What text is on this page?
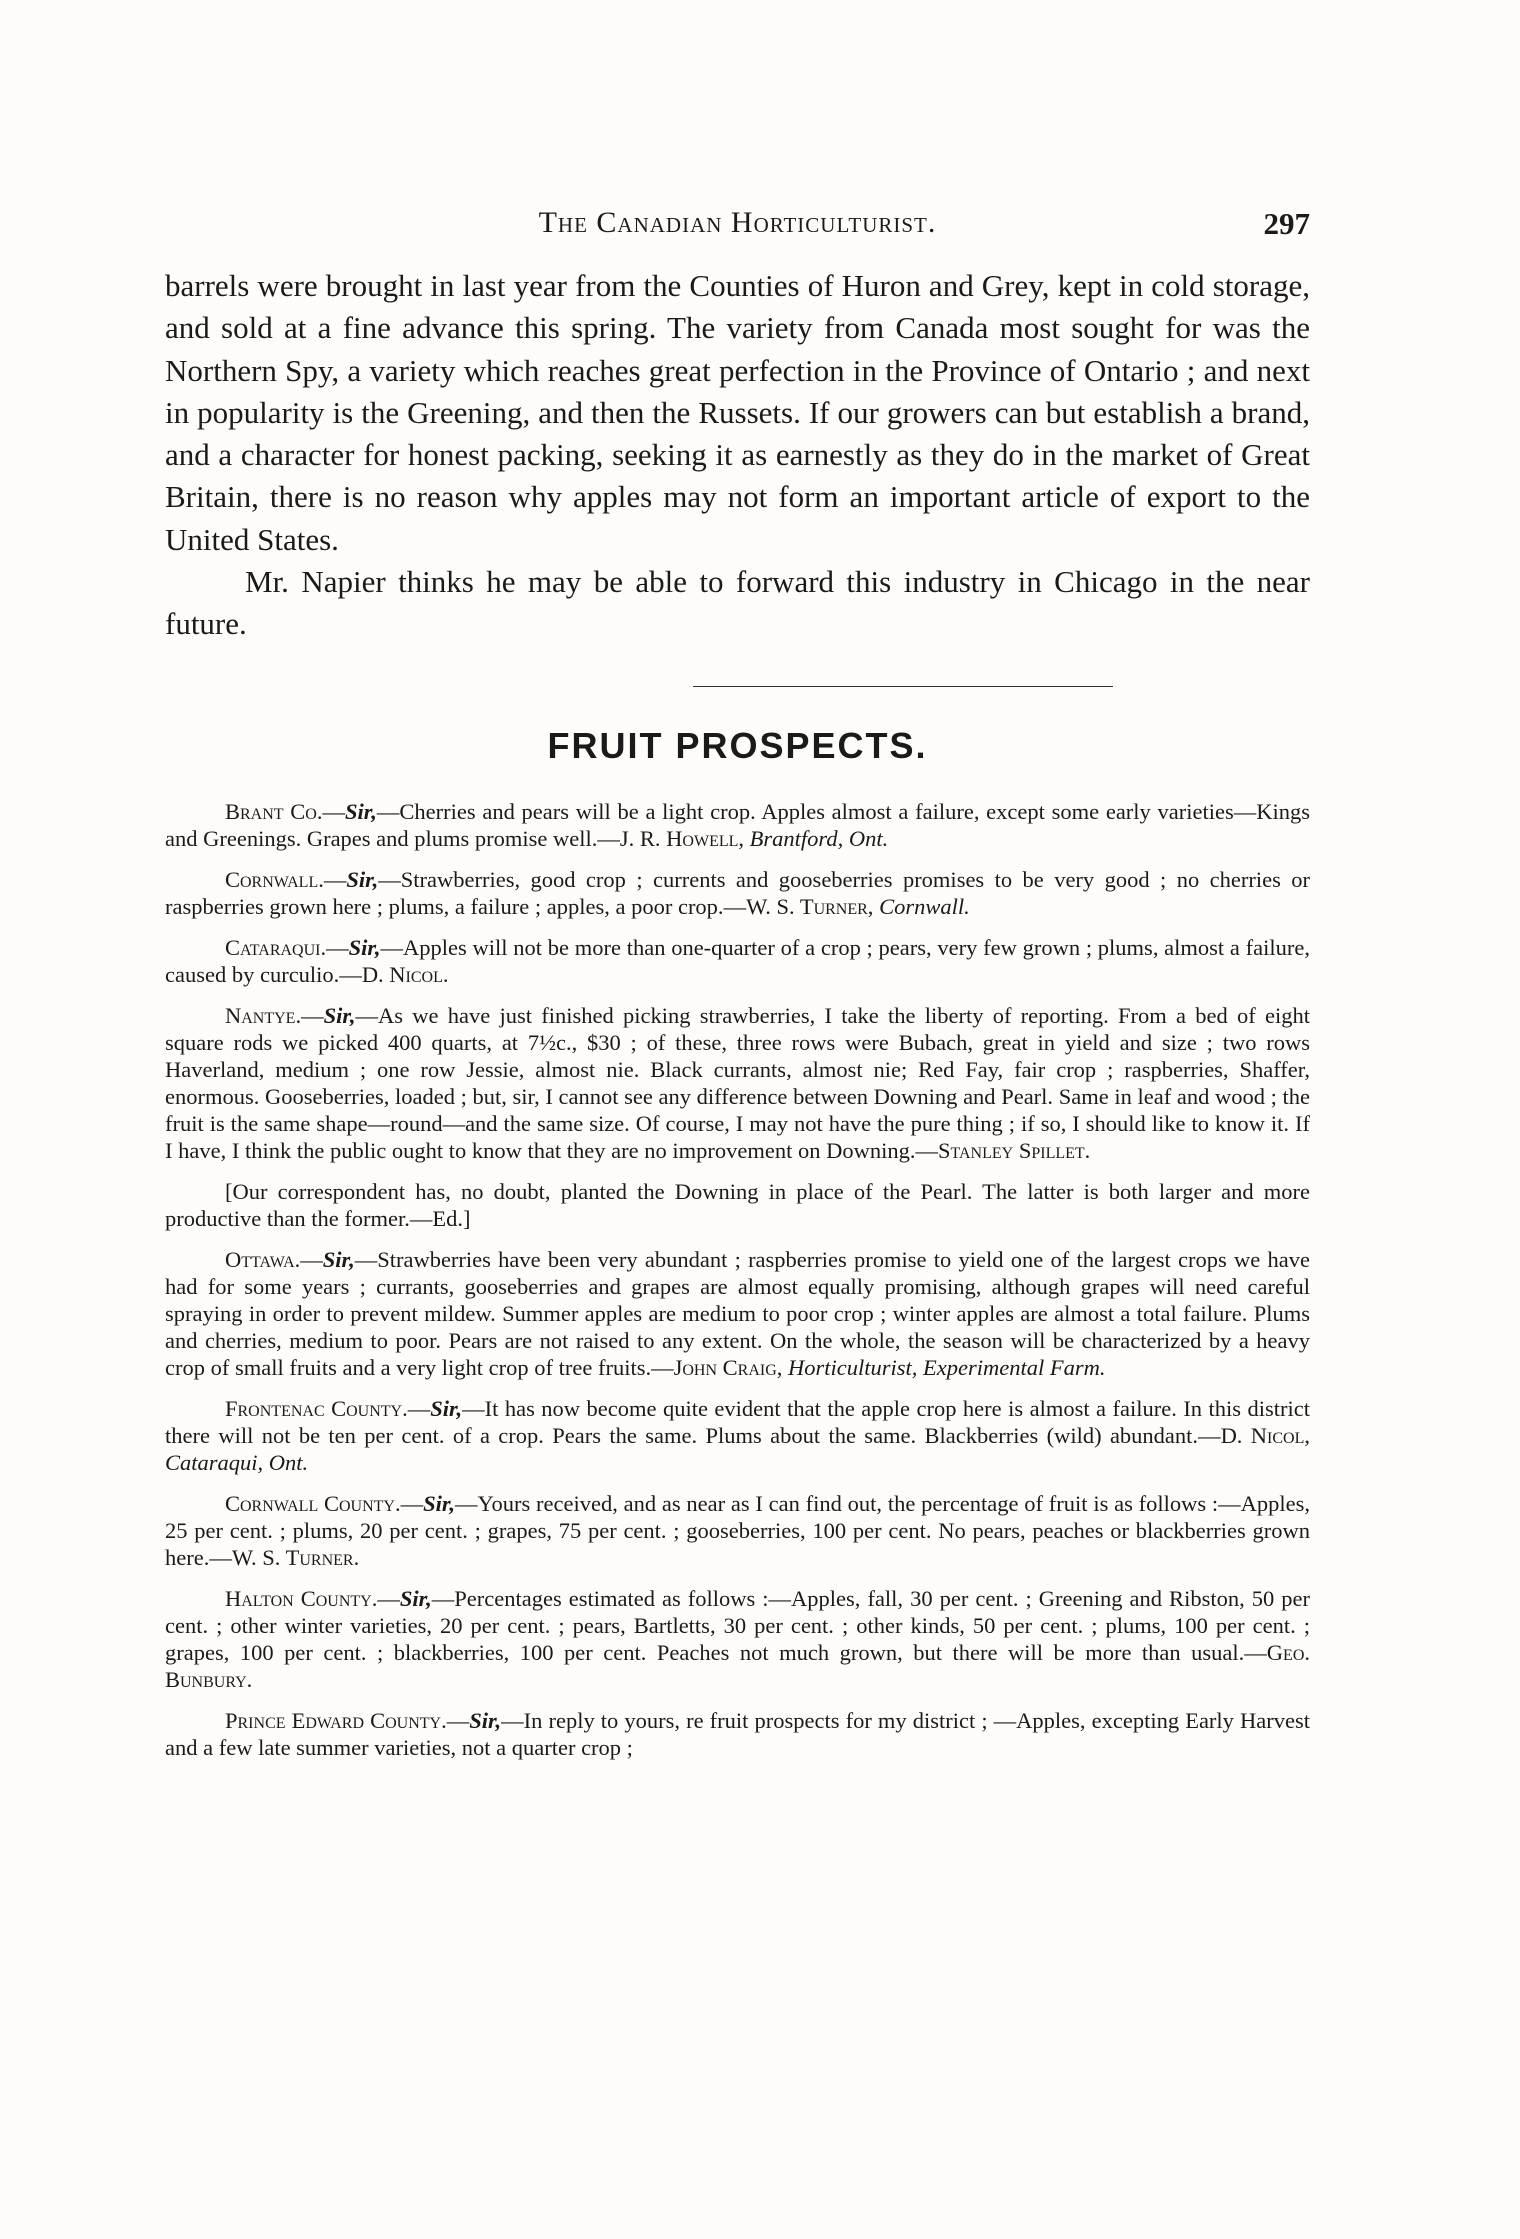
The Canadian Horticulturist.	297

barrels were brought in last year from the Counties of Huron and Grey, kept in cold storage, and sold at a fine advance this spring. The variety from Canada most sought for was the Northern Spy, a variety which reaches great perfection in the Province of Ontario ; and next in popularity is the Greening, and then the Russets. If our growers can but establish a brand, and a character for honest packing, seeking it as earnestly as they do in the market of Great Britain, there is no reason why apples may not form an important article of export to the United States.

Mr. Napier thinks he may be able to forward this industry in Chicago in the near future.

FRUIT PROSPECTS.

Brant Co.—Sir,—Cherries and pears will be a light crop. Apples almost a failure, except some early varieties—Kings and Greenings. Grapes and plums promise well.—J. R. Howell, Brantford, Ont.

Cornwall.—Sir,—Strawberries, good crop ; currents and gooseberries promises to be very good ; no cherries or raspberries grown here ; plums, a failure ; apples, a poor crop.—W. S. Turner, Cornwall.

Cataraqui.—Sir,—Apples will not be more than one-quarter of a crop ; pears, very few grown ; plums, almost a failure, caused by curculio.—D. Nicol.

Nantye.—Sir,—As we have just finished picking strawberries, I take the liberty of reporting. From a bed of eight square rods we picked 400 quarts, at 7½c., $30 ; of these, three rows were Bubach, great in yield and size ; two rows Haverland, medium ; one row Jessie, almost nie. Black currants, almost nie; Red Fay, fair crop ; raspberries, Shaffer, enormous. Gooseberries, loaded ; but, sir, I cannot see any difference between Downing and Pearl. Same in leaf and wood ; the fruit is the same shape—round—and the same size. Of course, I may not have the pure thing ; if so, I should like to know it. If I have, I think the public ought to know that they are no improvement on Downing.—Stanley Spillet.

[Our correspondent has, no doubt, planted the Downing in place of the Pearl. The latter is both larger and more productive than the former.—Ed.]

Ottawa.—Sir,—Strawberries have been very abundant ; raspberries promise to yield one of the largest crops we have had for some years ; currants, gooseberries and grapes are almost equally promising, although grapes will need careful spraying in order to prevent mildew. Summer apples are medium to poor crop ; winter apples are almost a total failure. Plums and cherries, medium to poor. Pears are not raised to any extent. On the whole, the season will be characterized by a heavy crop of small fruits and a very light crop of tree fruits.—John Craig, Horticulturist, Experimental Farm.

Frontenac County.—Sir,—It has now become quite evident that the apple crop here is almost a failure. In this district there will not be ten per cent. of a crop. Pears the same. Plums about the same. Blackberries (wild) abundant.—D. Nicol, Cataraqui, Ont.

Cornwall County.—Sir,—Yours received, and as near as I can find out, the percentage of fruit is as follows :—Apples, 25 per cent. ; plums, 20 per cent. ; grapes, 75 per cent. ; gooseberries, 100 per cent. No pears, peaches or blackberries grown here.—W. S. Turner.

Halton County.—Sir,—Percentages estimated as follows :—Apples, fall, 30 per cent. ; Greening and Ribston, 50 per cent. ; other winter varieties, 20 per cent. ; pears, Bartletts, 30 per cent. ; other kinds, 50 per cent. ; plums, 100 per cent. ; grapes, 100 per cent. ; blackberries, 100 per cent. Peaches not much grown, but there will be more than usual.—Geo. Bunbury.

Prince Edward County.—Sir,—In reply to yours, re fruit prospects for my district ; —Apples, excepting Early Harvest and a few late summer varieties, not a quarter crop ;
